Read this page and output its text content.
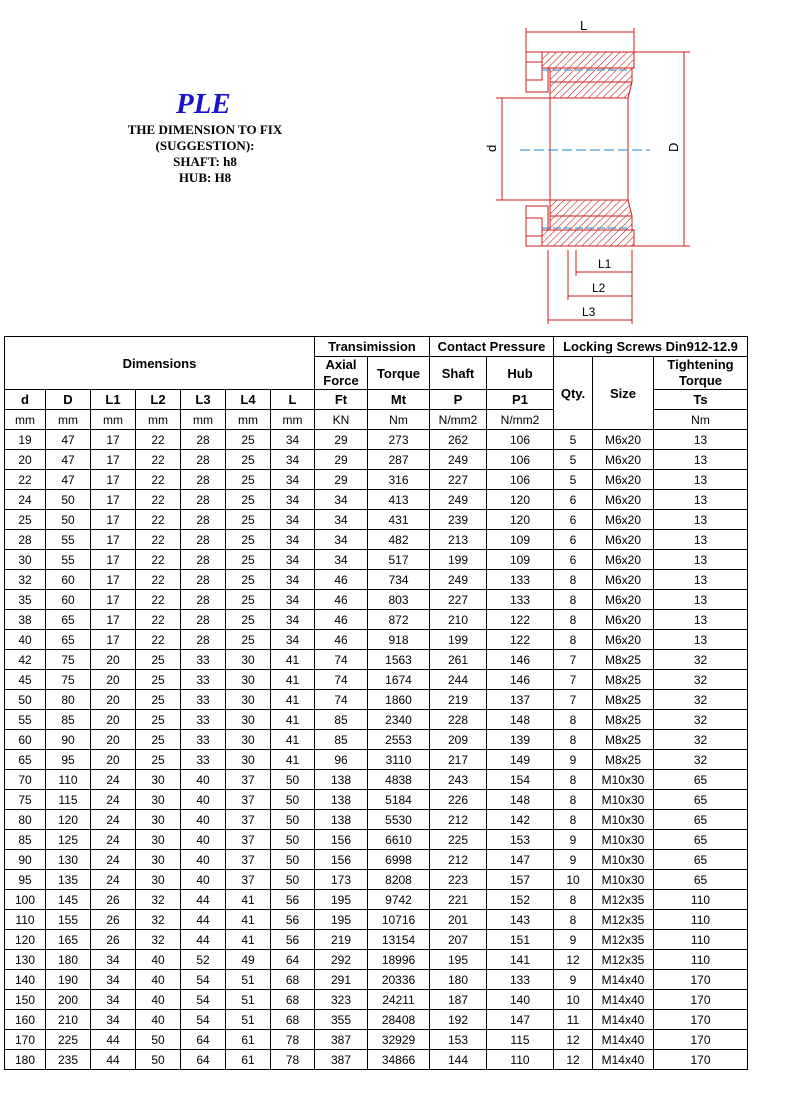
PLE
THE DIMENSION TO FIX
(SUGGESTION):
SHAFT: h8
HUB: H8
L
d	D
L1
L2
L3
Dimensions							Transimission		Contact Pressure		Locking Screws Din912-12.9		
							Axial Force	Torque	Shaft	Hub	Qty.	Size	Tightening Torque

d	D	L1	L2	L3	L4	L	Ft	Mt	P	P1			Ts
mm	mm	mm	mm	mm	mm	mm	KN	Nm	N/mm2	N/mm2			Nm
19	47	17	22	28	25	34	29	273	262	106	5	M6x20	13
20	47	17	22	28	25	34	29	287	249	106	5	M6x20	13
22	47	17	22	28	25	34	29	316	227	106	5	M6x20	13
24	50	17	22	28	25	34	34	413	249	120	6	M6x20	13
25	50	17	22	28	25	34	34	431	239	120	6	M6x20	13
28	55	17	22	28	25	34	34	482	213	109	6	M6x20	13
30	55	17	22	28	25	34	34	517	199	109	6	M6x20	13
32	60	17	22	28	25	34	46	734	249	133	8	M6x20	13
35	60	17	22	28	25	34	46	803	227	133	8	M6x20	13
38	65	17	22	28	25	34	46	872	210	122	8	M6x20	13
40	65	17	22	28	25	34	46	918	199	122	8	M6x20	13
42	75	20	25	33	30	41	74	1563	261	146	7	M8x25	32
45	75	20	25	33	30	41	74	1674	244	146	7	M8x25	32
50	80	20	25	33	30	41	74	1860	219	137	7	M8x25	32
55	85	20	25	33	30	41	85	2340	228	148	8	M8x25	32
60	90	20	25	33	30	41	85	2553	209	139	8	M8x25	32
65	95	20	25	33	30	41	96	3110	217	149	9	M8x25	32
70	110	24	30	40	37	50	138	4838	243	154	8	M10x30	65
75	115	24	30	40	37	50	138	5184	226	148	8	M10x30	65
80	120	24	30	40	37	50	138	5530	212	142	8	M10x30	65
85	125	24	30	40	37	50	156	6610	225	153	9	M10x30	65
90	130	24	30	40	37	50	156	6998	212	147	9	M10x30	65
95	135	24	30	40	37	50	173	8208	223	157	10	M10x30	65
100	145	26	32	44	41	56	195	9742	221	152	8	M12x35	110
110	155	26	32	44	41	56	195	10716	201	143	8	M12x35	110
120	165	26	32	44	41	56	219	13154	207	151	9	M12x35	110
130	180	34	40	52	49	64	292	18996	195	141	12	M12x35	110
140	190	34	40	54	51	68	291	20336	180	133	9	M14x40	170
150	200	34	40	54	51	68	323	24211	187	140	10	M14x40	170
160	210	34	40	54	51	68	355	28408	192	147	11	M14x40	170
170	225	44	50	64	61	78	387	32929	153	115	12	M14x40	170
180	235	44	50	64	61	78	387	34866	144	110	12	M14x40	170
